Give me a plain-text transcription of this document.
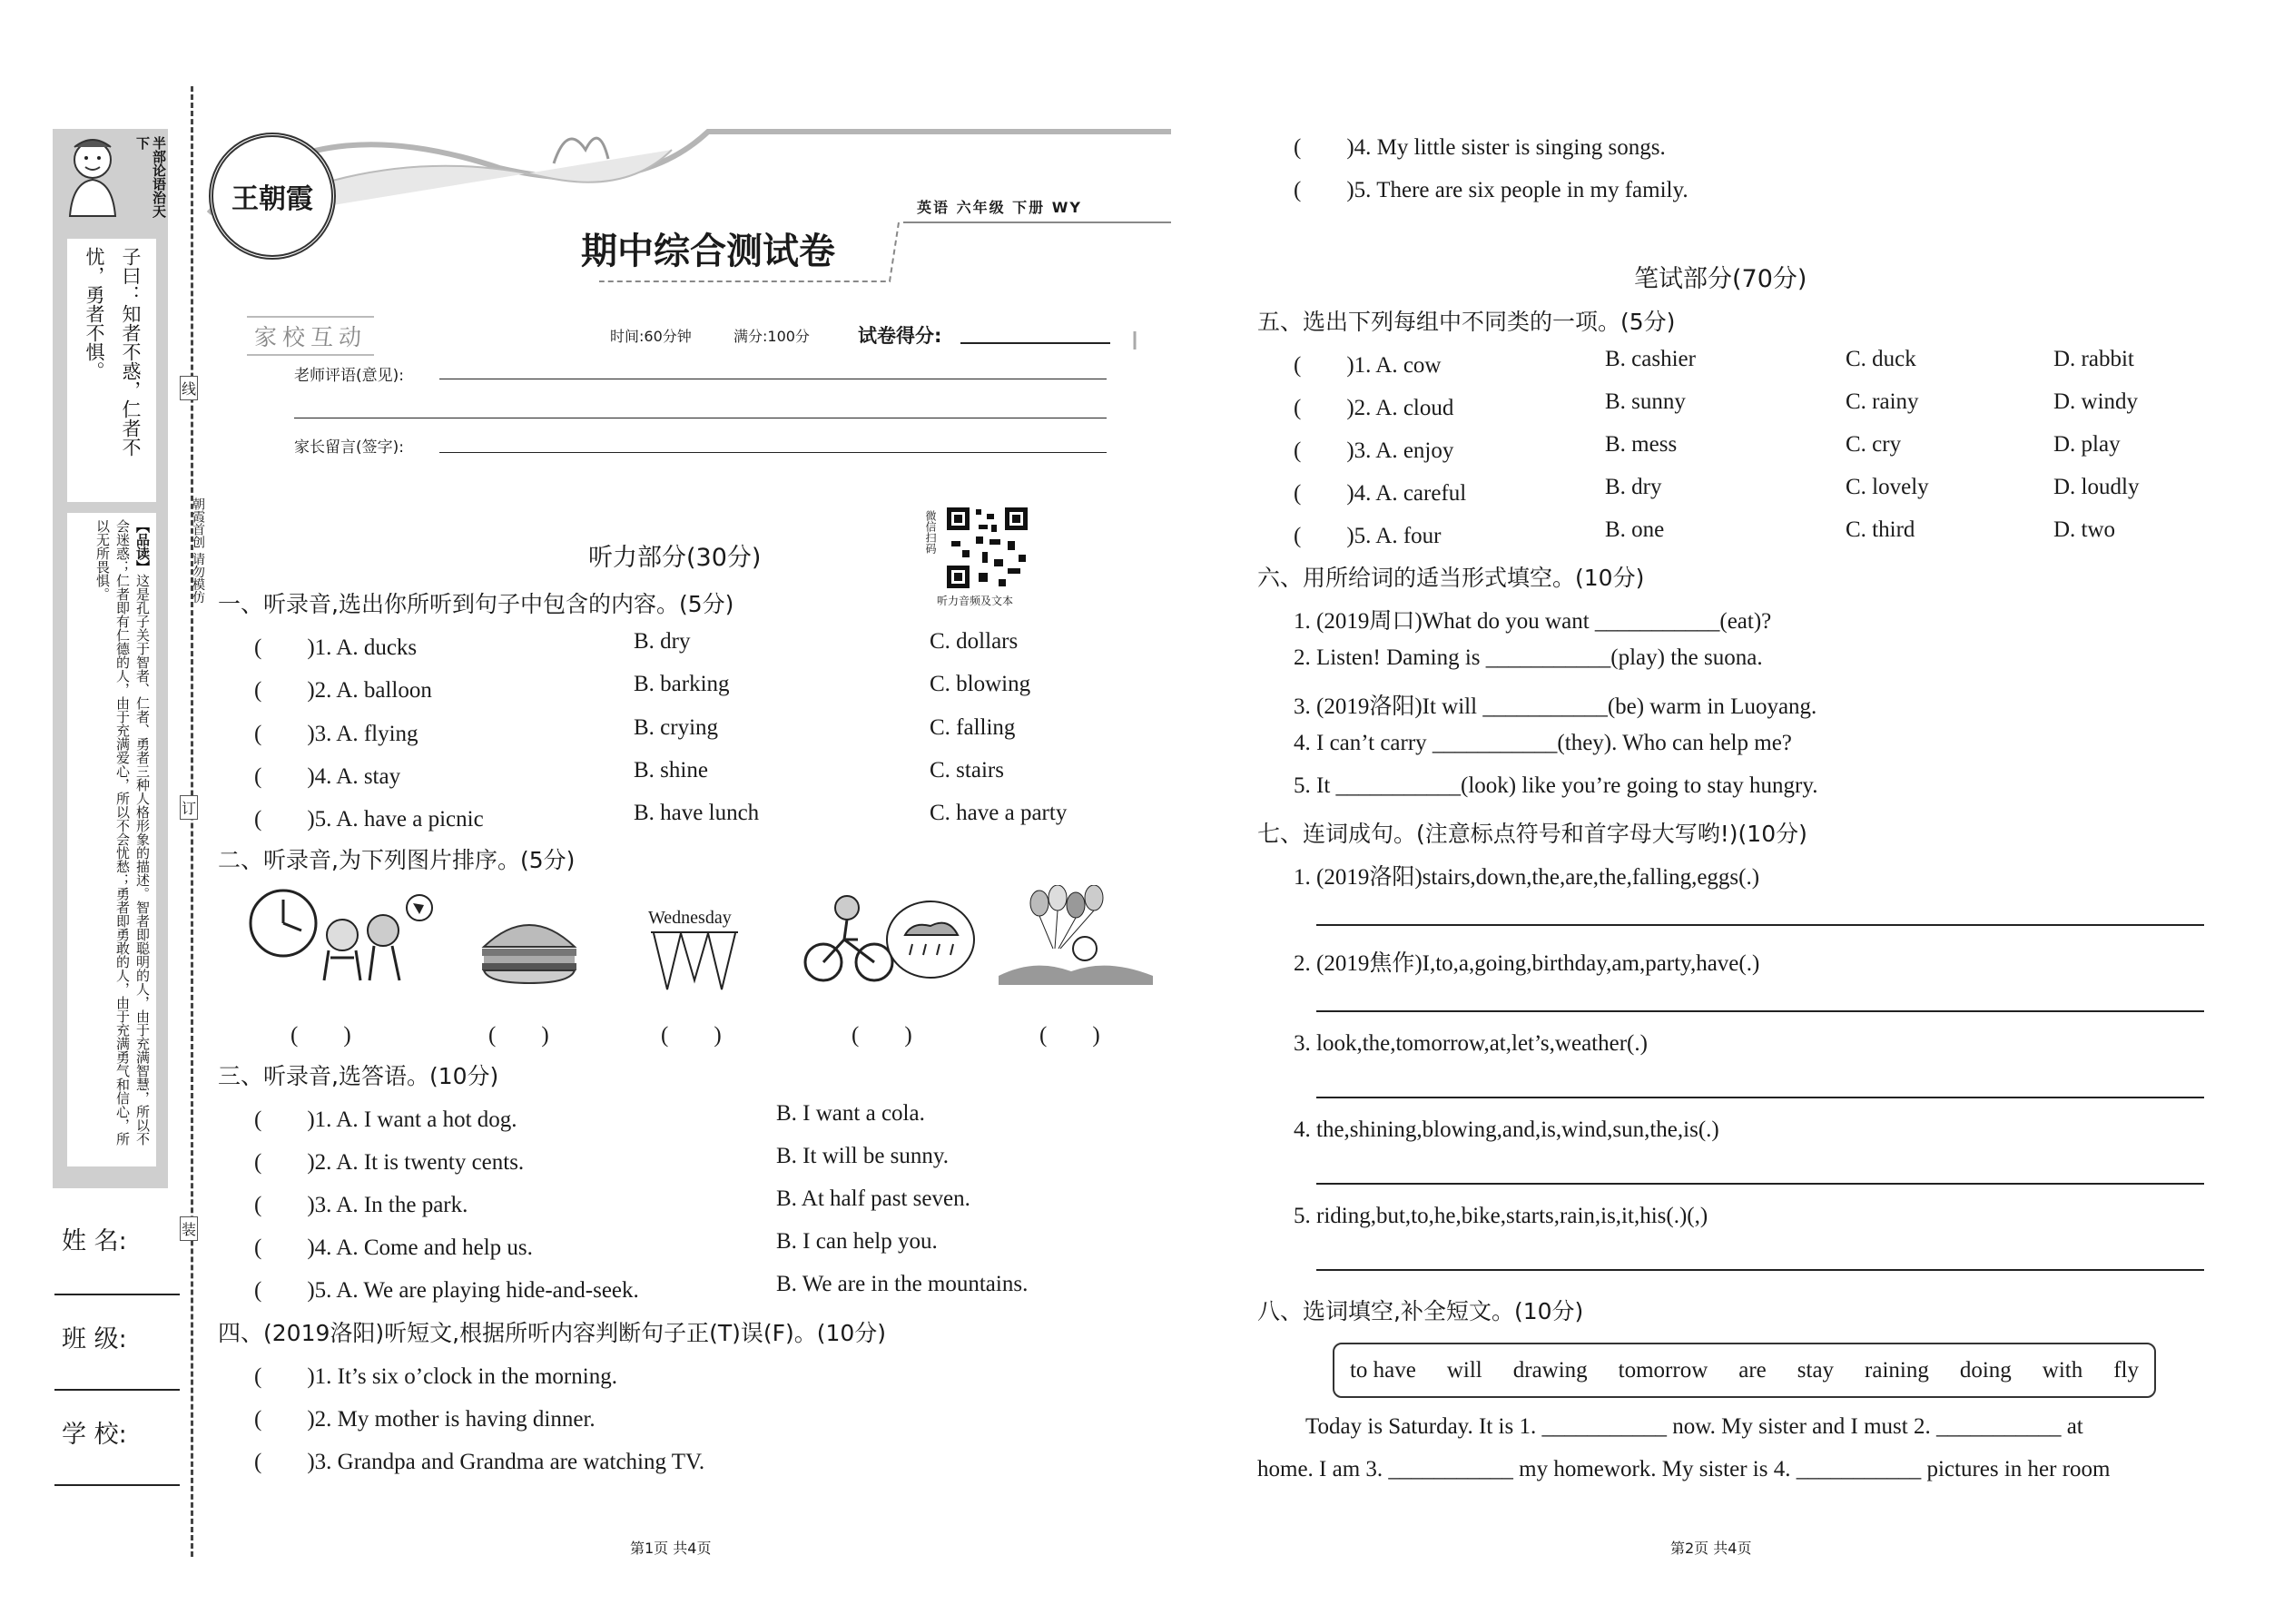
半部论语治天下
子曰：知者不惑，仁者不忧，勇者不惧。
【品读】这是孔子关于智者、仁者、勇者三种人格形象的描述。智者即聪明的人，由于充满智慧，所以不会迷惑；仁者即有仁德的人，由于充满爱心，所以不会忧愁；勇者即勇敢的人，由于充满勇气和信心，所以无所畏惧。
姓 名:
班 级:
学 校:
线
订
装
朝霞首创 请勿模仿
王朝霞
期中综合测试卷
英语 六年级 下册 WY
家校互动	时间:60分钟	满分:100分	试卷得分:
老师评语(意见):
家长留言(签字):
微信扫码
听力音频及文本
听力部分(30分)
一、听录音,选出你所听到句子中包含的内容。(5分)
(　　)1. A. ducks	B. dry	C. dollars
(　　)2. A. balloon	B. barking	C. blowing
(　　)3. A. flying	B. crying	C. falling
(　　)4. A. stay	B. shine	C. stairs
(　　)5. A. have a picnic	B. have lunch	C. have a party
二、听录音,为下列图片排序。(5分)
Wednesday
(　　)	(　　)	(　　)	(　　)	(　　)
三、听录音,选答语。(10分)
(　　)1. A. I want a hot dog.	B. I want a cola.
(　　)2. A. It is twenty cents.	B. It will be sunny.
(　　)3. A. In the park.	B. At half past seven.
(　　)4. A. Come and help us.	B. I can help you.
(　　)5. A. We are playing hide-and-seek.	B. We are in the mountains.
四、(2019洛阳)听短文,根据所听内容判断句子正(T)误(F)。(10分)
(　　)1. It’s six o’clock in the morning.
(　　)2. My mother is having dinner.
(　　)3. Grandpa and Grandma are watching TV.
(　　)4. My little sister is singing songs.
(　　)5. There are six people in my family.
笔试部分(70分)
五、选出下列每组中不同类的一项。(5分)
(　　)1. A. cow	B. cashier	C. duck	D. rabbit
(　　)2. A. cloud	B. sunny	C. rainy	D. windy
(　　)3. A. enjoy	B. mess	C. cry	D. play
(　　)4. A. careful	B. dry	C. lovely	D. loudly
(　　)5. A. four	B. one	C. third	D. two
六、用所给词的适当形式填空。(10分)
1. (2019周口)What do you want ___________(eat)?
2. Listen! Daming is ___________(play) the suona.
3. (2019洛阳)It will ___________(be) warm in Luoyang.
4. I can’t carry ___________(they). Who can help me?
5. It ___________(look) like you’re going to stay hungry.
七、连词成句。(注意标点符号和首字母大写哟!)(10分)
1. (2019洛阳)stairs,down,the,are,the,falling,eggs(.)
2. (2019焦作)I,to,a,going,birthday,am,party,have(.)
3. look,the,tomorrow,at,let’s,weather(.)
4. the,shining,blowing,and,is,wind,sun,the,is(.)
5. riding,but,to,he,bike,starts,rain,is,it,his(.)(,)
八、选词填空,补全短文。(10分)
to have will drawing tomorrow are stay raining doing with fly
Today is Saturday. It is 1. ___________ now. My sister and I must 2. ___________ at
home. I am 3. ___________ my homework. My sister is 4. ___________ pictures in her room
第1页 共4页	第2页 共4页
